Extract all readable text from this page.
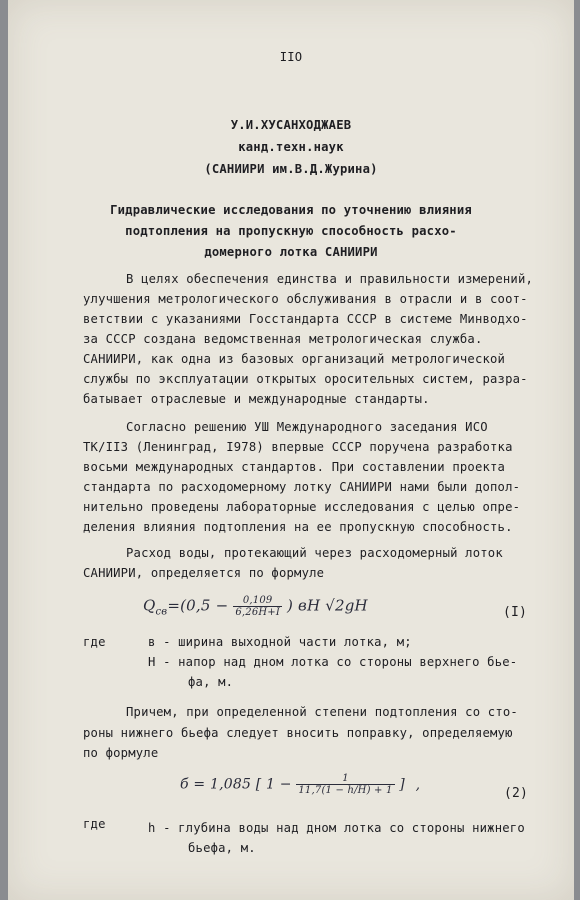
IIO
У.И.ХУСАНХОДЖАЕВ
канд.техн.наук
(САНИИРИ им.В.Д.Журина)
Гидравлические исследования по уточнению влияния
подтопления на пропускную способность расхо-
домерного лотка САНИИРИ
В целях обеспечения единства и правильности измерений,
улучшения метрологического обслуживания в отрасли и в соот-
ветствии с указаниями Госстандарта СССР в системе Минводхо-
за СССР создана ведомственная метрологическая служба.
САНИИРИ, как одна из базовых организаций метрологической
службы по эксплуатации открытых оросительных систем, разра-
батывает отраслевые и международные стандарты.
Согласно решению УШ Международного заседания ИСО
ТК/II3 (Ленинград, I978) впервые СССР поручена разработка
восьми международных стандартов. При составлении проекта
стандарта по расходомерному лотку САНИИРИ нами были допол-
нительно проведены лабораторные исследования с целью опре-
деления влияния подтопления на ее пропускную способность.
Расход воды, протекающий через расходомерный лоток
САНИИРИ, определяется по формуле
$Q_{св}=(0,5 - \frac{0,109}{6,26H+I}$ ) вH √2gH	(I)
где	в - ширина выходной части лотка, м;
Н - напор над дном лотка со стороны верхнего бье-
фа, м.
Причем, при определенной степени подтопления со сто-
роны нижнего бьефа следует вносить поправку, определяемую
по формуле
б = 1,085 [ $1 - \frac{1}{11,7(1 - h/H) + 1}$ ] ,
(2)
где	h - глубина воды над дном лотка со стороны нижнего
бьефа, м.
